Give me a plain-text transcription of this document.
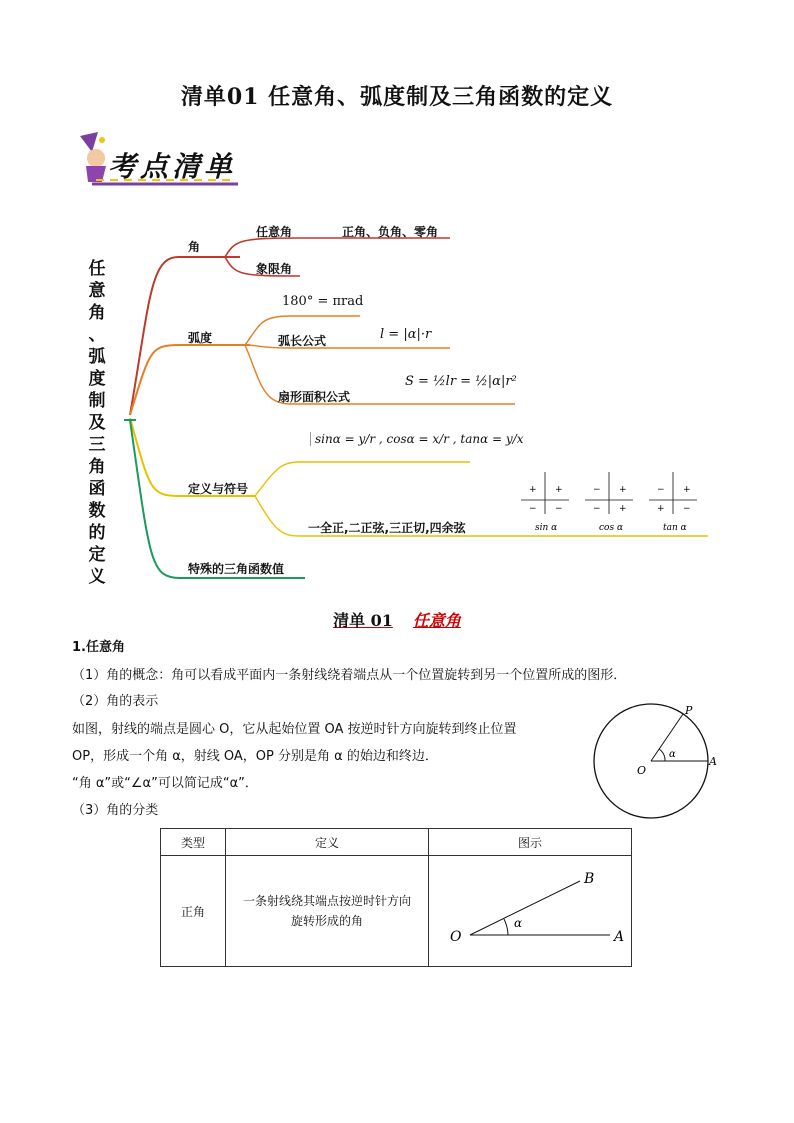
清单01 任意角、弧度制及三角函数的定义
考点清单
任
意
角
、
弧
度
制
及
三
角
函
数
的
定
义
角
任意角	正角、负角、零角
象限角
弧度
180° = πrad
弧长公式	l = |α|·r
扇形面积公式
S = ½lr = ½|α|r²
定义与符号
sinα = y/r , cosα = x/r , tanα = y/x
一全正,二正弦,三正切,四余弦
特殊的三角函数值
+
+
− −
sin α
+
−
− +
cos α
+
−
+ −
tan α
清单 01 任意角
1.任意角
（1）角的概念：角可以看成平面内一条射线绕着端点从一个位置旋转到另一个位置所成的图形．
（2）角的表示
如图，射线的端点是圆心 O，它从起始位置 OA 按逆时针方向旋转到终止位置
OP，形成一个角 α，射线 OA，OP 分别是角 α 的始边和终边．
“角 α”或“∠α”可以简记成“α”．
（3）角的分类
P
O
A
α
类型	定义	图示
正角	一条射线绕其端点按逆时针方向旋转形成的角	O A
B
α
